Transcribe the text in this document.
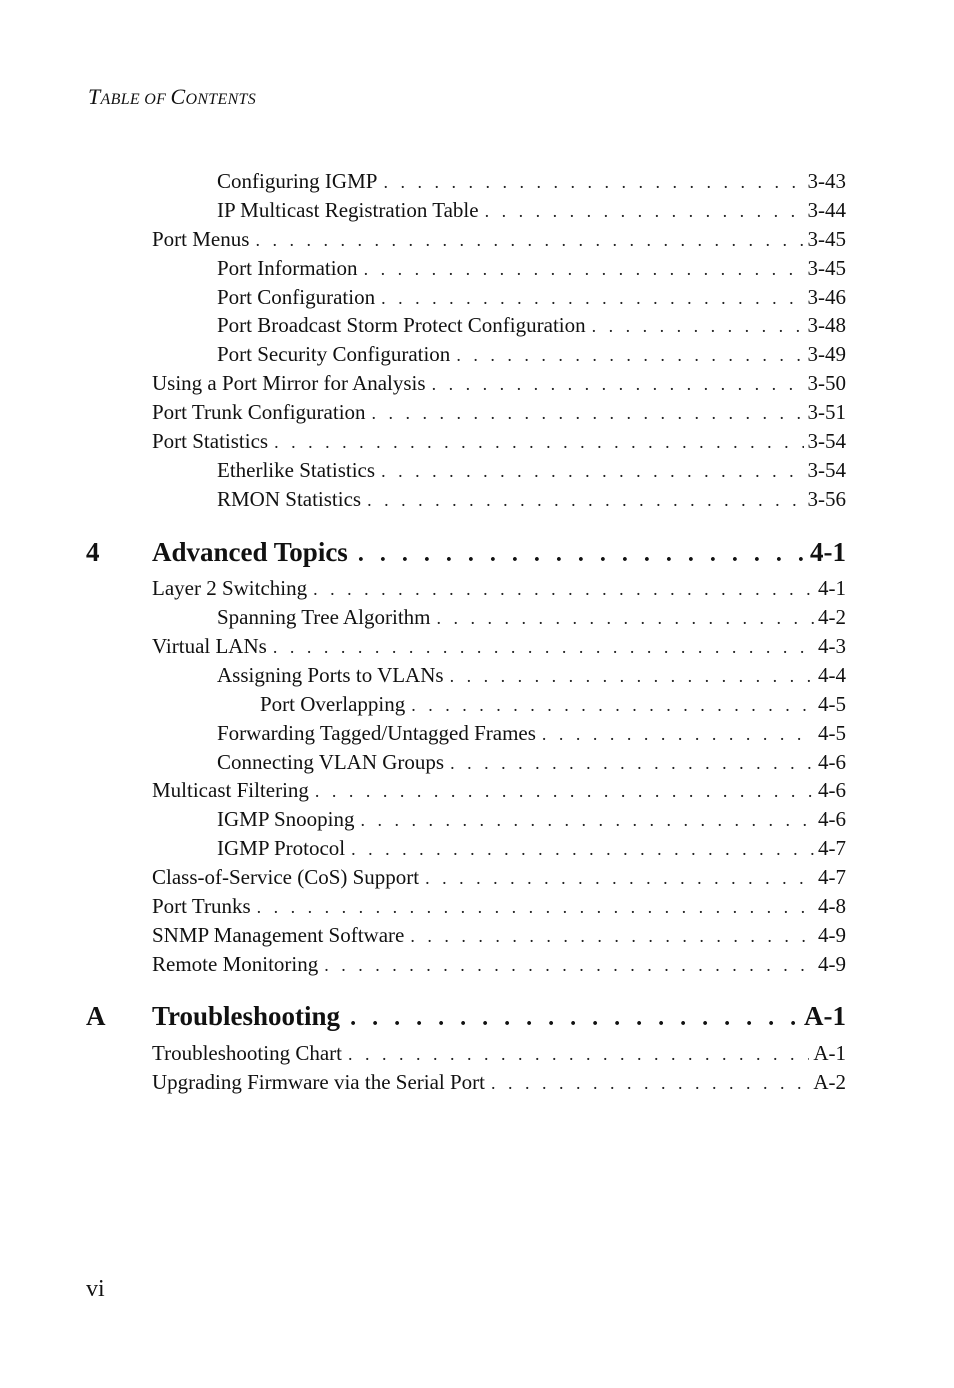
TABLE OF CONTENTS
Configuring IGMP . . .	3-43
IP Multicast Registration Table . . .	3-44
Port Menus . . .	3-45
Port Information . . .	3-45
Port Configuration . . .	3-46
Port Broadcast Storm Protect Configuration . . .	3-48
Port Security Configuration . . .	3-49
Using a Port Mirror for Analysis . . .	3-50
Port Trunk Configuration . . .	3-51
Port Statistics . . .	3-54
Etherlike Statistics . . .	3-54
RMON Statistics . . .	3-56
4 Advanced Topics . . .	4-1
Layer 2 Switching . . .	4-1
Spanning Tree Algorithm . . .	4-2
Virtual LANs . . .	4-3
Assigning Ports to VLANs . . .	4-4
Port Overlapping . . .	4-5
Forwarding Tagged/Untagged Frames . . .	4-5
Connecting VLAN Groups . . .	4-6
Multicast Filtering . . .	4-6
IGMP Snooping . . .	4-6
IGMP Protocol . . .	4-7
Class-of-Service (CoS) Support . . .	4-7
Port Trunks . . .	4-8
SNMP Management Software . . .	4-9
Remote Monitoring . . .	4-9
A Troubleshooting . . .	A-1
Troubleshooting Chart . . .	A-1
Upgrading Firmware via the Serial Port . . .	A-2
vi
